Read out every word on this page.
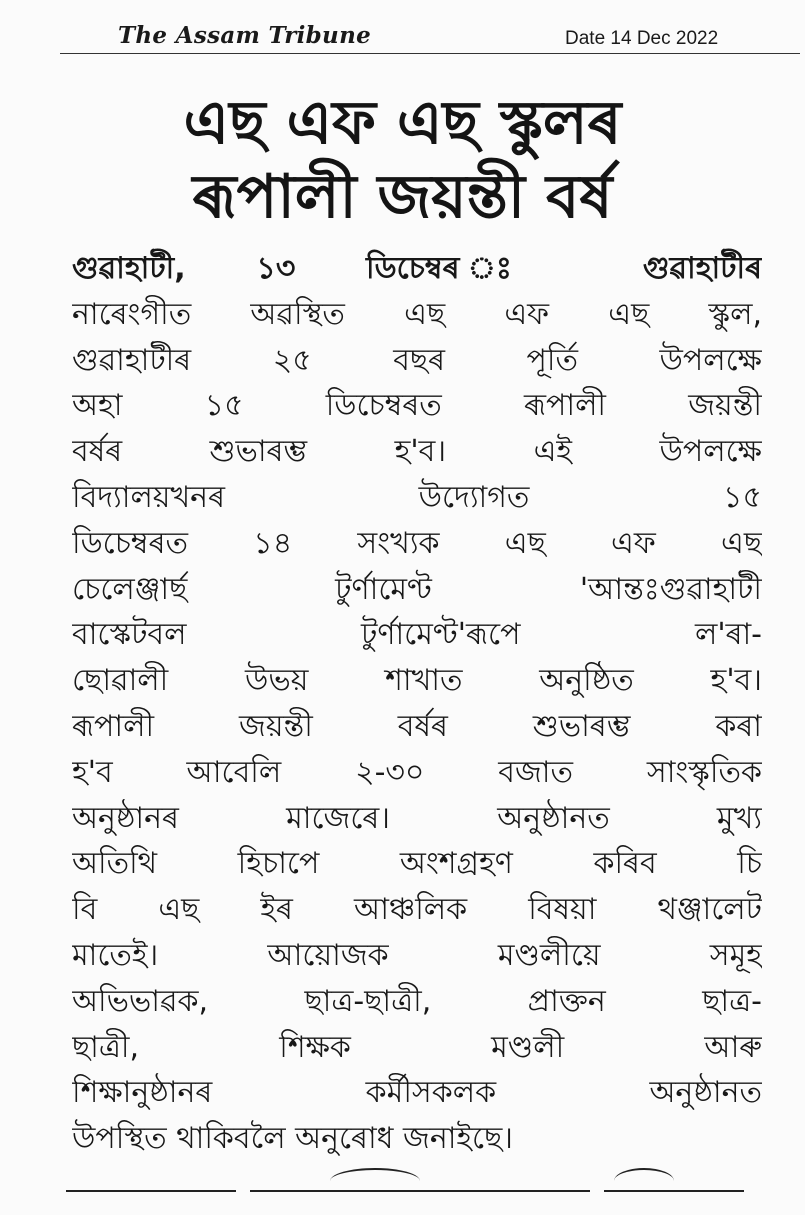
The Assam Tribune	Date 14 Dec 2022
এছ এফ এছ স্কুলৰ
ৰূপালী জয়ন্তী বৰ্ষ
গুৱাহাটী, ১৩ ডিচেম্বৰ ঃ গুৱাহাটীৰ
নাৰেংগীত অৱস্থিত এছ এফ এছ স্কুল,
গুৱাহাটীৰ ২৫ বছৰ পূৰ্তি উপলক্ষে
অহা ১৫ ডিচেম্বৰত ৰূপালী জয়ন্তী
বৰ্ষৰ শুভাৰম্ভ হ'ব। এই উপলক্ষে
বিদ্যালয়খনৰ উদ্যোগত ১৫
ডিচেম্বৰত ১৪ সংখ্যক এছ এফ এছ
চেলেঞ্জাৰ্ছ টুৰ্ণামেণ্ট 'আন্তঃগুৱাহাটী
বাস্কেটবল টুৰ্ণামেণ্ট'ৰূপে ল'ৰা-
ছোৱালী উভয় শাখাত অনুষ্ঠিত হ'ব।
ৰূপালী জয়ন্তী বৰ্ষৰ শুভাৰম্ভ কৰা
হ'ব আবেলি ২-৩০ বজাত সাংস্কৃতিক
অনুষ্ঠানৰ মাজেৰে। অনুষ্ঠানত মুখ্য
অতিথি হিচাপে অংশগ্ৰহণ কৰিব চি
বি এছ ইৰ আঞ্চলিক বিষয়া থঞ্জালেট
মাতেই। আয়োজক মণ্ডলীয়ে সমূহ
অভিভাৱক, ছাত্ৰ-ছাত্ৰী, প্ৰাক্তন ছাত্ৰ-
ছাত্ৰী, শিক্ষক মণ্ডলী আৰু
শিক্ষানুষ্ঠানৰ কৰ্মীসকলক অনুষ্ঠানত
উপস্থিত থাকিবলৈ অনুৰোধ জনাইছে।
